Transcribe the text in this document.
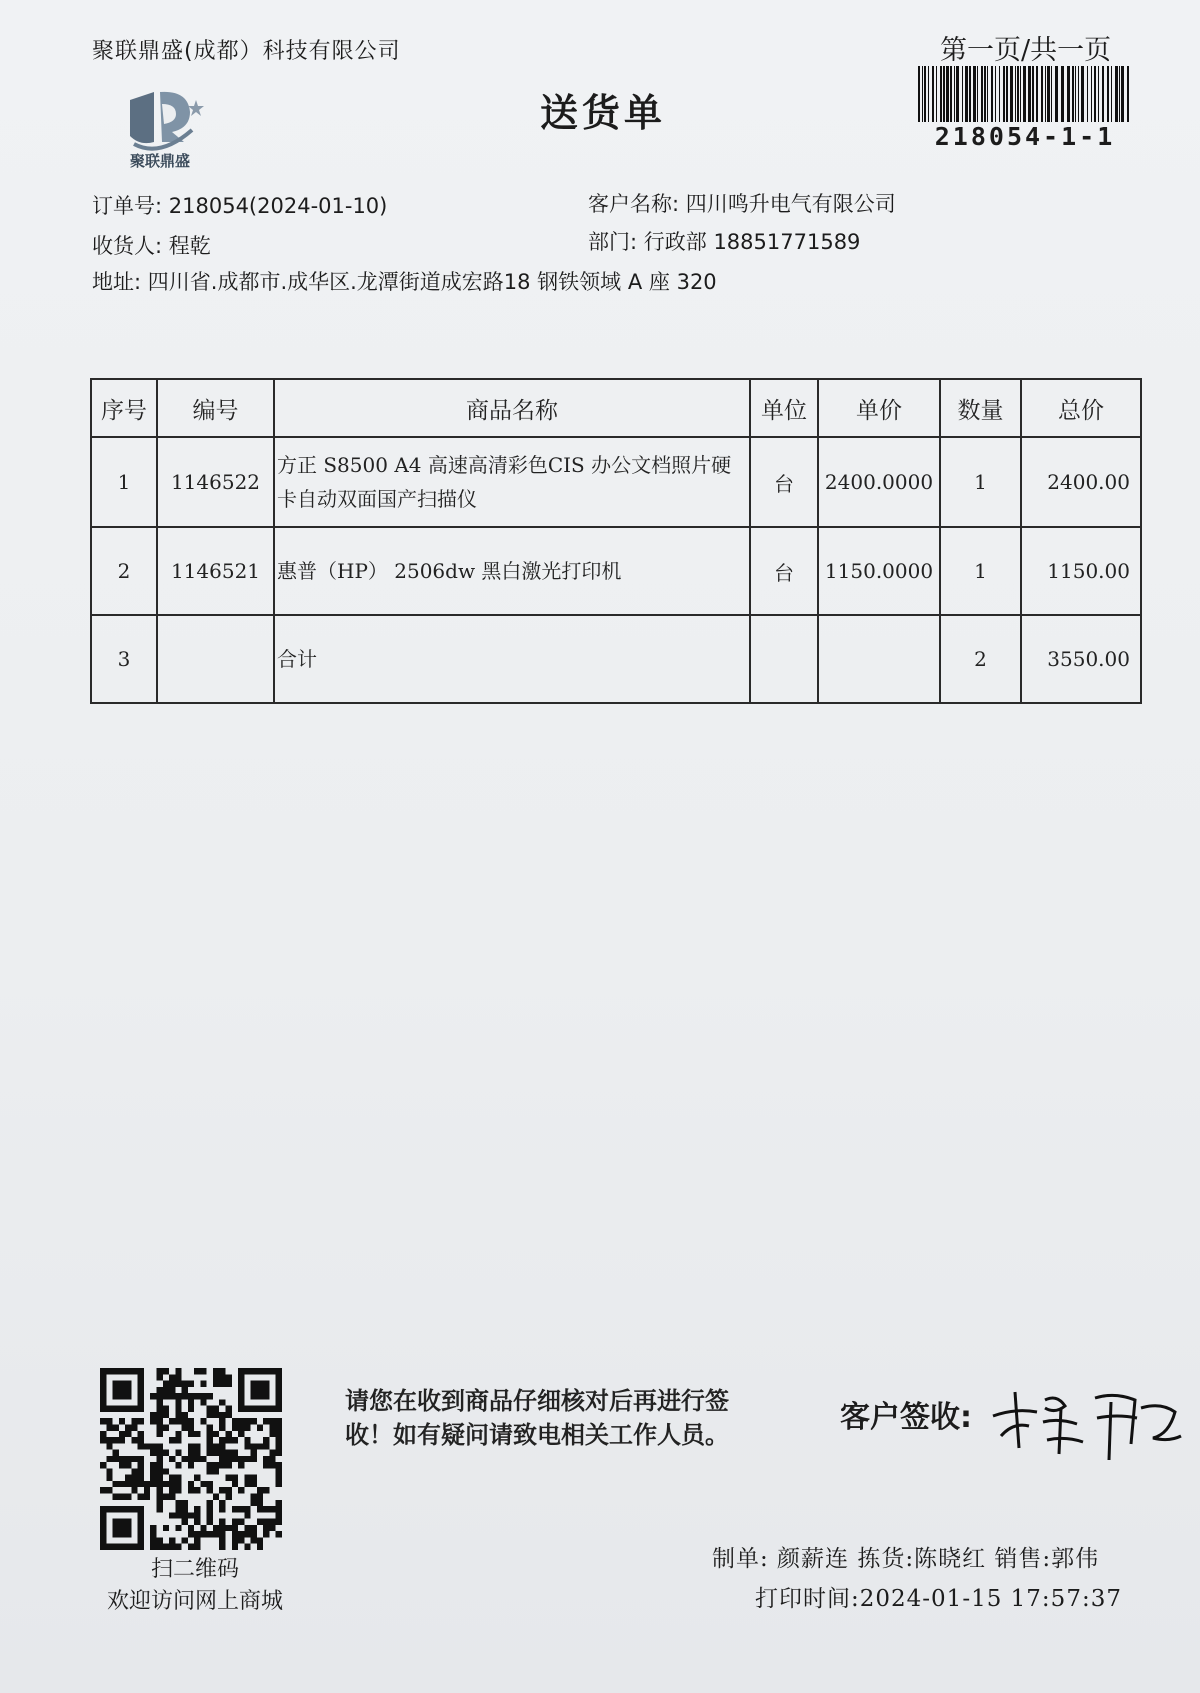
聚联鼎盛(成都）科技有限公司	第一页/共一页
218054-1-1
聚联鼎盛
送货单
订单号: 218054(2024-01-10)	客户名称: 四川鸣升电气有限公司
收货人: 程乾	部门: 行政部 18851771589
地址: 四川省.成都市.成华区.龙潭街道成宏路18 钢铁领域 A 座 320
序号	编号	商品名称	单位	单价	数量	总价
1	1146522	方正 S8500 A4 高速高清彩色CIS 办公文档照片硬卡自动双面国产扫描仪	台	2400.0000	1	2400.00
2	1146521	惠普（HP） 2506dw 黑白激光打印机	台	1150.0000	1	1150.00
3		合计			2	3550.00
扫二维码
欢迎访问网上商城
请您在收到商品仔细核对后再进行签收！如有疑问请致电相关工作人员。	客户签收:
制单: 颜薪连 拣货:陈晓红 销售:郭伟
打印时间:2024-01-15 17:57:37
